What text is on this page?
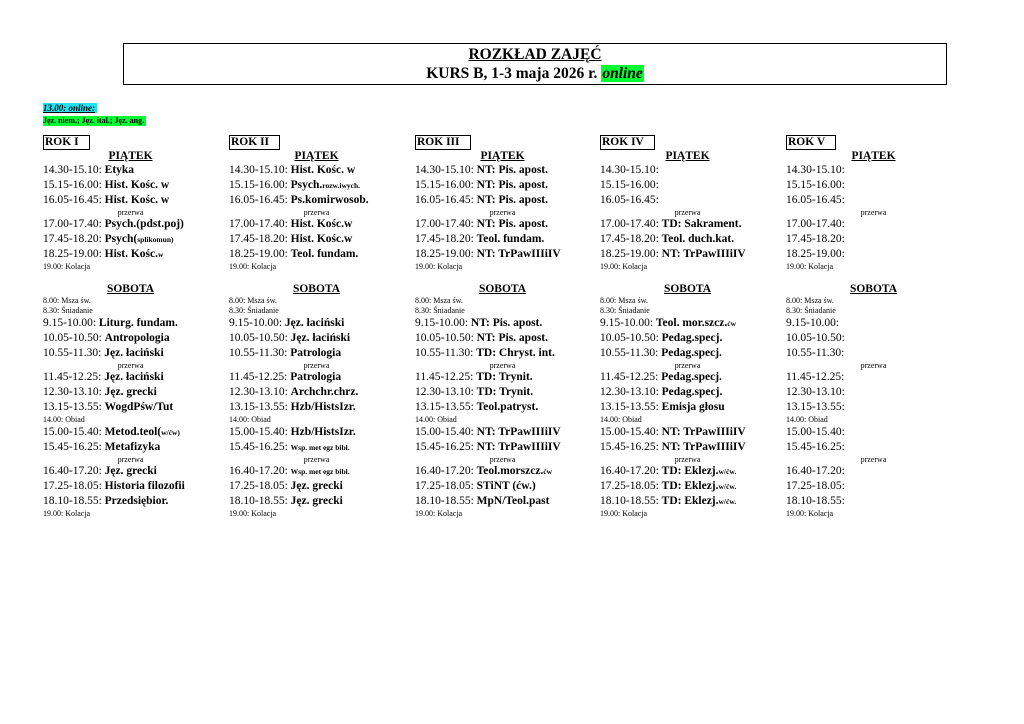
ROZKŁAD ZAJĘĆ
KURS B, 1-3 maja 2026 r. online
13.00: online:
Jęz. niem.; Jęz. ital.; Jęz. ang.
ROK I
PIĄTEK
14.30-15.10: Etyka
15.15-16.00: Hist. Kośc. w
16.05-16.45: Hist. Kośc. w
przerwa
17.00-17.40: Psych.(pdst.poj)
17.45-18.20: Psych(splikomun)
18.25-19.00: Hist. Kośc.w
19.00: Kolacja
SOBOTA
8.00: Msza św.
8.30: Śniadanie
9.15-10.00: Liturg. fundam.
10.05-10.50: Antropologia
10.55-11.30: Jęz. łaciński
przerwa
11.45-12.25: Jęz. łaciński
12.30-13.10: Jęz. grecki
13.15-13.55: WogdPśw/Tut
14.00: Obiad
15.00-15.40: Metod.teol(w/ćw)
15.45-16.25: Metafizyka
przerwa
16.40-17.20: Jęz. grecki
17.25-18.05: Historia filozofii
18.10-18.55: Przedsiębior.
19.00: Kolacja
ROK II
PIĄTEK
14.30-15.10: Hist. Kośc. w
15.15-16.00: Psych.rozw.iwych.
16.05-16.45: Ps.komirwosob.
przerwa
17.00-17.40: Hist. Kośc.w
17.45-18.20: Hist. Kośc.w
18.25-19.00: Teol. fundam.
19.00: Kolacja
SOBOTA
8.00: Msza św.
8.30: Śniadanie
9.15-10.00: Jęz. łaciński
10.05-10.50: Jęz. łaciński
10.55-11.30: Patrologia
przerwa
11.45-12.25: Patrologia
12.30-13.10: Archchr.chrz.
13.15-13.55: Hzb/HistsIzr.
14.00: Obiad
15.00-15.40: Hzb/HistsIzr.
15.45-16.25: Wsp. met egz bibl.
przerwa
16.40-17.20: Wsp. met egz bibl.
17.25-18.05: Jęz. grecki
18.10-18.55: Jęz. grecki
19.00: Kolacja
ROK III
PIĄTEK
14.30-15.10: NT: Pis. apost.
15.15-16.00: NT: Pis. apost.
16.05-16.45: NT: Pis. apost.
przerwa
17.00-17.40: NT: Pis. apost.
17.45-18.20: Teol. fundam.
18.25-19.00: NT: TrPawIIIiIV
19.00: Kolacja
SOBOTA
8.00: Msza św.
8.30: Śniadanie
9.15-10.00: NT: Pis. apost.
10.05-10.50: NT: Pis. apost.
10.55-11.30: TD: Chryst. int.
przerwa
11.45-12.25: TD: Trynit.
12.30-13.10: TD: Trynit.
13.15-13.55: Teol.patryst.
14.00: Obiad
15.00-15.40: NT: TrPawIIIiIV
15.45-16.25: NT: TrPawIIIiIV
przerwa
16.40-17.20: Teol.morszcz.ćw
17.25-18.05: STiNT (ćw.)
18.10-18.55: MpN/Teol.past
19.00: Kolacja
ROK IV
PIĄTEK
14.30-15.10:
15.15-16.00:
16.05-16.45:
przerwa
17.00-17.40: TD: Sakrament.
17.45-18.20: Teol. duch.kat.
18.25-19.00: NT: TrPawIIIiIV
19.00: Kolacja
SOBOTA
8.00: Msza św.
8.30: Śniadanie
9.15-10.00: Teol. mor.szcz.ćw
10.05-10.50: Pedag.specj.
10.55-11.30: Pedag.specj.
przerwa
11.45-12.25: Pedag.specj.
12.30-13.10: Pedag.specj.
13.15-13.55: Emisja głosu
14.00: Obiad
15.00-15.40: NT: TrPawIIIiIV
15.45-16.25: NT: TrPawIIIiIV
przerwa
16.40-17.20: TD: Eklezj.w/ćw.
17.25-18.05: TD: Eklezj.w/ćw.
18.10-18.55: TD: Eklezj.w/ćw.
19.00: Kolacja
ROK V
PIĄTEK
14.30-15.10:
15.15-16.00:
16.05-16.45:
przerwa
17.00-17.40:
17.45-18.20:
18.25-19.00:
19.00: Kolacja
SOBOTA
8.00: Msza św.
8.30: Śniadanie
9.15-10.00:
10.05-10.50:
10.55-11.30:
przerwa
11.45-12.25:
12.30-13.10:
13.15-13.55:
14.00: Obiad
15.00-15.40:
15.45-16.25:
przerwa
16.40-17.20:
17.25-18.05:
18.10-18.55:
19.00: Kolacja
